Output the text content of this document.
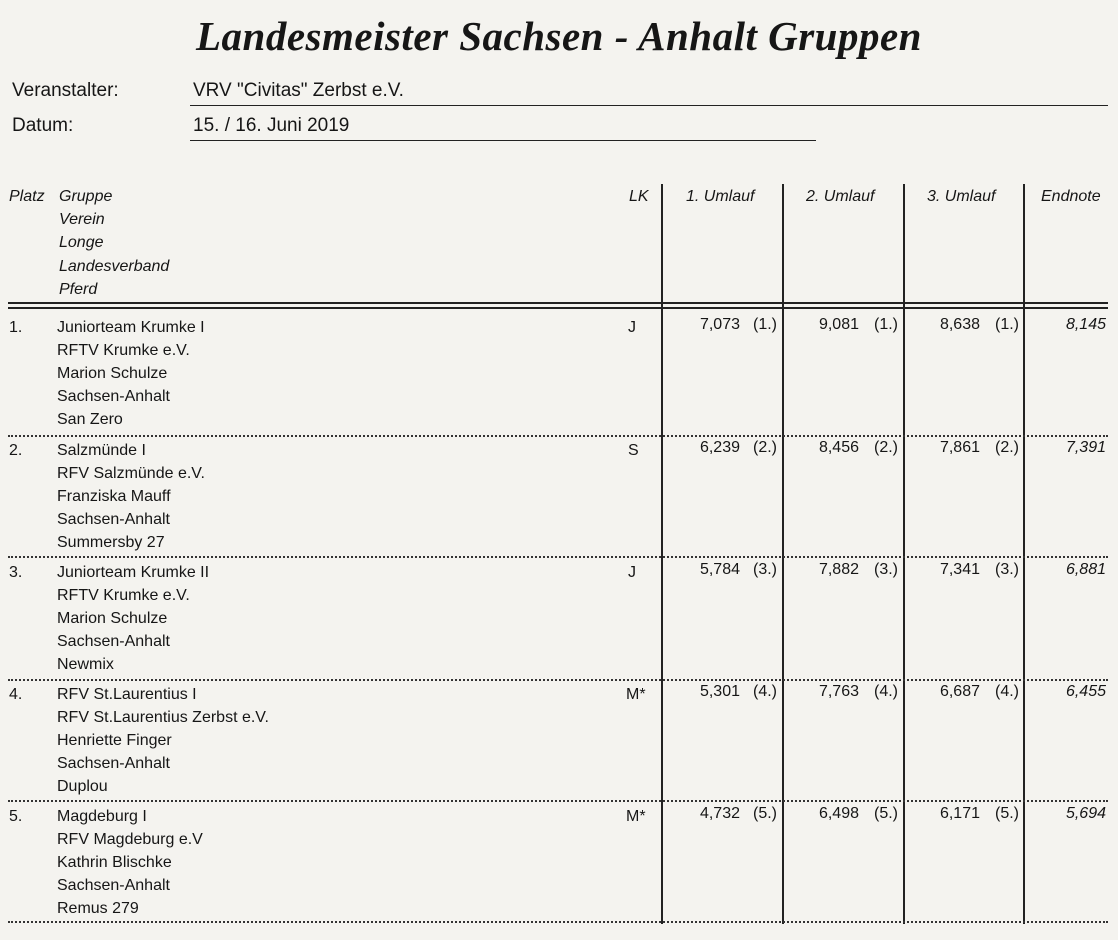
Landesmeister Sachsen - Anhalt Gruppen
Veranstalter:	VRV "Civitas" Zerbst e.V.
Datum:	15. / 16. Juni 2019
Platz Gruppe
Verein
Longe
Landesverband
Pferd
LK 1. Umlauf	2. Umlauf	3. Umlauf	Endnote
1. Juniorteam Krumke I
RFTV Krumke e.V.
Marion Schulze
Sachsen-Anhalt
San Zero
J	7,073 (1.)	9,081 (1.)	8,638 (1.)	8,145
2. Salzmünde I
RFV Salzmünde e.V.
Franziska Mauff
Sachsen-Anhalt
Summersby 27
S	6,239 (2.)	8,456 (2.)	7,861 (2.)	7,391
3. Juniorteam Krumke II
RFTV Krumke e.V.
Marion Schulze
Sachsen-Anhalt
Newmix
J	5,784 (3.)	7,882 (3.)	7,341 (3.)	6,881
4. RFV St.Laurentius I
RFV St.Laurentius Zerbst e.V.
Henriette Finger
Sachsen-Anhalt
Duplou
M*	5,301 (4.)	7,763 (4.)	6,687 (4.)	6,455
5. Magdeburg I
RFV Magdeburg e.V
Kathrin Blischke
Sachsen-Anhalt
Remus 279
M*	4,732 (5.)	6,498 (5.)	6,171 (5.)	5,694
